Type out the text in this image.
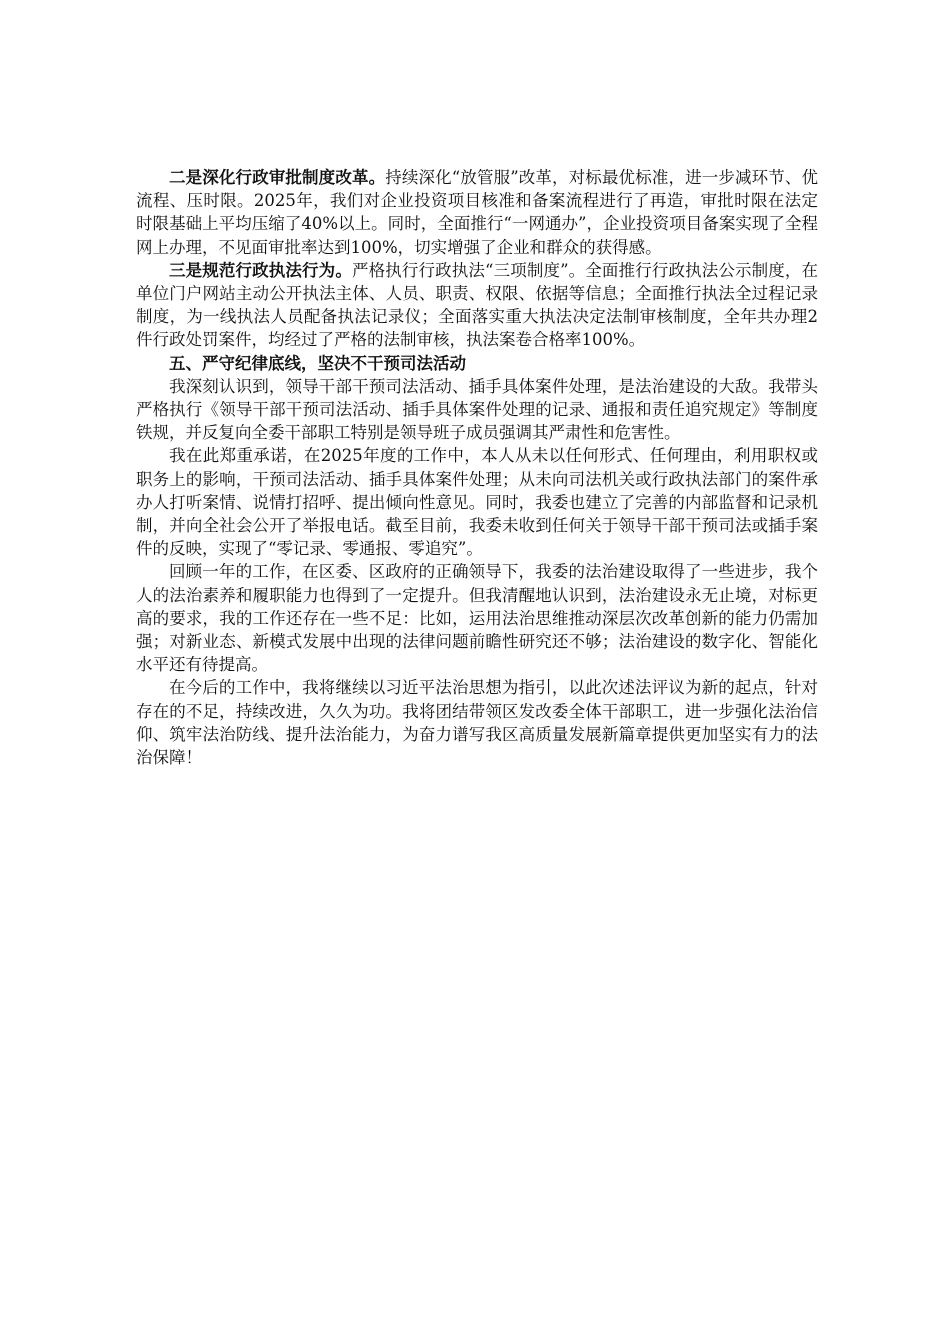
二是深化行政审批制度改革。持续深化“放管服”改革，对标最优标准，进一步减环节、优流程、压时限。2025年，我们对企业投资项目核准和备案流程进行了再造，审批时限在法定时限基础上平均压缩了40%以上。同时，全面推行“一网通办”，企业投资项目备案实现了全程网上办理，不见面审批率达到100%，切实增强了企业和群众的获得感。

三是规范行政执法行为。严格执行行政执法“三项制度”。全面推行行政执法公示制度，在单位门户网站主动公开执法主体、人员、职责、权限、依据等信息；全面推行执法全过程记录制度，为一线执法人员配备执法记录仪；全面落实重大执法决定法制审核制度，全年共办理2件行政处罚案件，均经过了严格的法制审核，执法案卷合格率100%。

五、严守纪律底线，坚决不干预司法活动

我深刻认识到，领导干部干预司法活动、插手具体案件处理，是法治建设的大敌。我带头严格执行《领导干部干预司法活动、插手具体案件处理的记录、通报和责任追究规定》等制度铁规，并反复向全委干部职工特别是领导班子成员强调其严肃性和危害性。

我在此郑重承诺，在2025年度的工作中，本人从未以任何形式、任何理由，利用职权或职务上的影响，干预司法活动、插手具体案件处理；从未向司法机关或行政执法部门的案件承办人打听案情、说情打招呼、提出倾向性意见。同时，我委也建立了完善的内部监督和记录机制，并向全社会公开了举报电话。截至目前，我委未收到任何关于领导干部干预司法或插手案件的反映，实现了“零记录、零通报、零追究”。

回顾一年的工作，在区委、区政府的正确领导下，我委的法治建设取得了一些进步，我个人的法治素养和履职能力也得到了一定提升。但我清醒地认识到，法治建设永无止境，对标更高的要求，我的工作还存在一些不足：比如，运用法治思维推动深层次改革创新的能力仍需加强；对新业态、新模式发展中出现的法律问题前瞻性研究还不够；法治建设的数字化、智能化水平还有待提高。

在今后的工作中，我将继续以习近平法治思想为指引，以此次述法评议为新的起点，针对存在的不足，持续改进，久久为功。我将团结带领区发改委全体干部职工，进一步强化法治信仰、筑牢法治防线、提升法治能力，为奋力谱写我区高质量发展新篇章提供更加坚实有力的法治保障！
